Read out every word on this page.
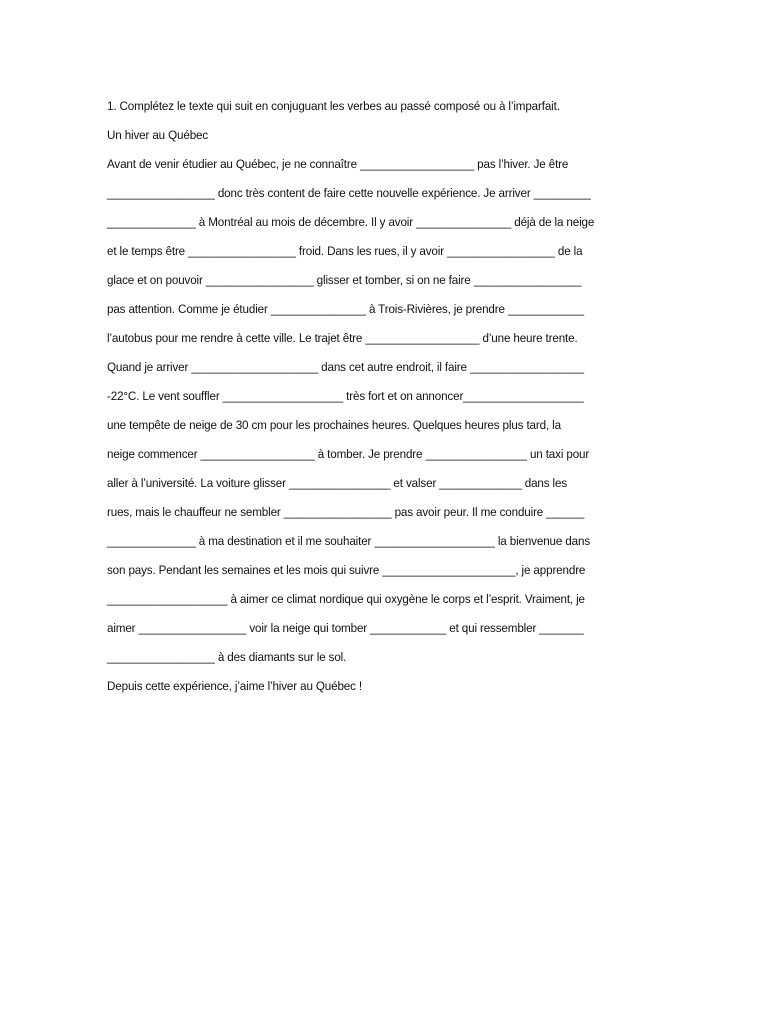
1. Complétez le texte qui suit en conjuguant les verbes au passé composé ou à l’imparfait.
Un hiver au Québec
Avant de venir étudier au Québec, je ne connaître __________________ pas l’hiver. Je être
_________________ donc très content de faire cette nouvelle expérience. Je arriver _________
______________ à Montréal au mois de décembre. Il y avoir _______________ déjà de la neige
et le temps être _________________ froid. Dans les rues, il y avoir _________________ de la
glace et on pouvoir _________________ glisser et tomber, si on ne faire _________________
pas attention. Comme je étudier _______________ à Trois-Rivières, je prendre ____________
l’autobus pour me rendre à cette ville. Le trajet être __________________ d’une heure trente.
Quand je arriver ____________________ dans cet autre endroit, il faire __________________
-22°C. Le vent souffler ___________________ très fort et on annoncer___________________
une tempête de neige de 30 cm pour les prochaines heures. Quelques heures plus tard, la
neige commencer __________________ à tomber. Je prendre ________________ un taxi pour
aller à l’université. La voiture glisser ________________ et valser _____________ dans les
rues, mais le chauffeur ne sembler _________________ pas avoir peur. Il me conduire ______
______________ à ma destination et il me souhaiter ___________________ la bienvenue dans
son pays. Pendant les semaines et les mois qui suivre _____________________, je apprendre
___________________ à aimer ce climat nordique qui oxygène le corps et l’esprit. Vraiment, je
aimer _________________ voir la neige qui tomber ____________ et qui ressembler _______
_________________ à des diamants sur le sol.
Depuis cette expérience, j’aime l’hiver au Québec !
